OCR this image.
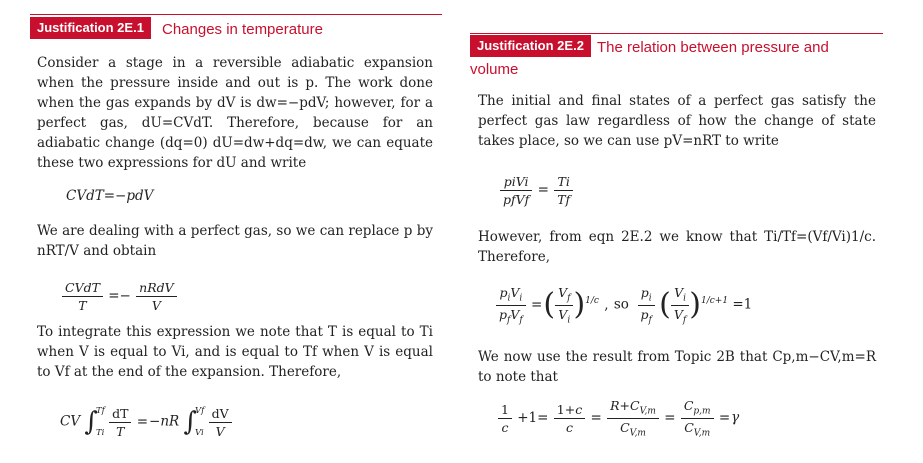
Justification 2E.1	Changes in temperature

Consider a stage in a reversible adiabatic expansion when the pressure inside and out is p. The work done when the gas expands by dV is dw=−pdV; however, for a perfect gas, dU=CVdT. Therefore, because for an adiabatic change (dq=0) dU=dw+dq=dw, we can equate these two expressions for dU and write

CVdT=−pdV

We are dealing with a perfect gas, so we can replace p by nRT/V and obtain

$\frac{\text{CVdT}}{T} =- \frac{\text{nRdV}}{V}$

To integrate this expression we note that T is equal to Ti when V is equal to Vi, and is equal to Tf when V is equal to Vf at the end of the expansion. Therefore,

CV ∫
Tf
Ti
$\frac{dT}{T} =-nR$ ∫
Vf
Vi
$\frac{dV}{V}$
Justification 2E.2 The relation between pressure and volume

The initial and final states of a perfect gas satisfy the perfect gas law regardless of how the change of state takes place, so we can use pV=nRT to write

$\frac{\text{piVi}}{\text{pfVf}} = \frac{Ti}{Tf}$

However, from eqn 2E.2 we know that Ti/Tf=(Vf/Vi)1/c. Therefore,

$\frac{p_iV_i}{p_fV_f}$ =( $\frac{V_f}{V_i} )^{1/c}$ , so $\frac{p_i}{p_f}$ ( $\frac{V_i}{V_f} )^{1/c+1} =1$

We now use the result from Topic 2B that Cp,m−CV,m=R to note that

$\frac{1}{c} +1= \frac{1+c}{c} = \frac{R+C_{V,m}}{C_{V,m}} = \frac{C_{p,m}}{C_{V,m}} =\gamma$
